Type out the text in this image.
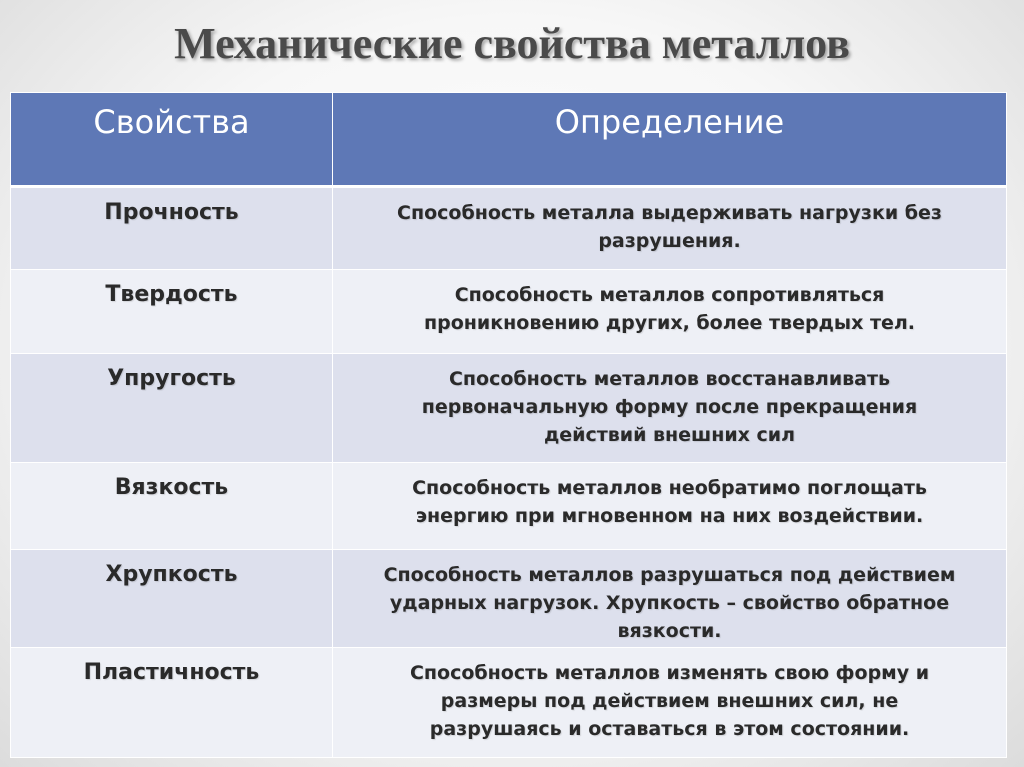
Механические свойства металлов
Свойства	Определение
Прочность	Способность металла выдерживать нагрузки без разрушения.
Твердость	Способность металлов сопротивляться проникновению других, более твердых тел.
Упругость	Способность металлов восстанавливать первоначальную форму после прекращения действий внешних сил
Вязкость	Способность металлов необратимо поглощать энергию при мгновенном на них воздействии.
Хрупкость	Способность металлов разрушаться под действием ударных нагрузок. Хрупкость – свойство обратное вязкости.
Пластичность	Способность металлов изменять свою форму и размеры под действием внешних сил, не разрушаясь и оставаться в этом состоянии.
